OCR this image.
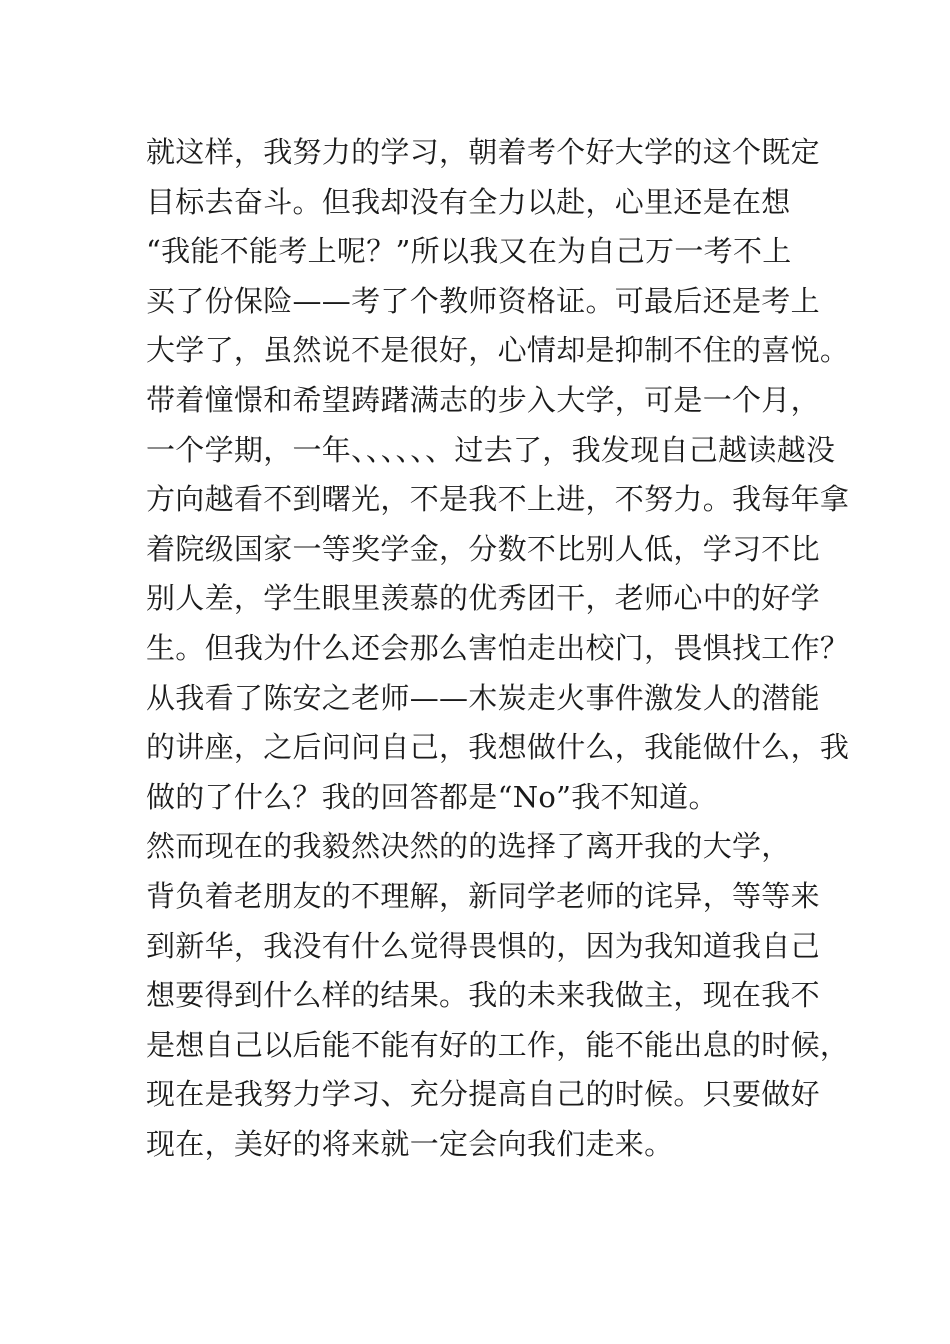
就这样，我努力的学习，朝着考个好大学的这个既定
目标去奋斗。但我却没有全力以赴，心里还是在想
“我能不能考上呢？”所以我又在为自己万一考不上
买了份保险——考了个教师资格证。可最后还是考上
大学了，虽然说不是很好，心情却是抑制不住的喜悦。
带着憧憬和希望踌躇满志的步入大学，可是一个月，
一个学期，一年、、、、、、过去了，我发现自己越读越没
方向越看不到曙光，不是我不上进，不努力。我每年拿
着院级国家一等奖学金，分数不比别人低，学习不比
别人差，学生眼里羡慕的优秀团干，老师心中的好学
生。但我为什么还会那么害怕走出校门，畏惧找工作？
从我看了陈安之老师——木炭走火事件激发人的潜能
的讲座，之后问问自己，我想做什么，我能做什么，我
做的了什么？我的回答都是“No”我不知道。
然而现在的我毅然决然的的选择了离开我的大学，
背负着老朋友的不理解，新同学老师的诧异，等等来
到新华，我没有什么觉得畏惧的，因为我知道我自己
想要得到什么样的结果。我的未来我做主，现在我不
是想自己以后能不能有好的工作，能不能出息的时候，
现在是我努力学习、充分提高自己的时候。只要做好
现在，美好的将来就一定会向我们走来。
